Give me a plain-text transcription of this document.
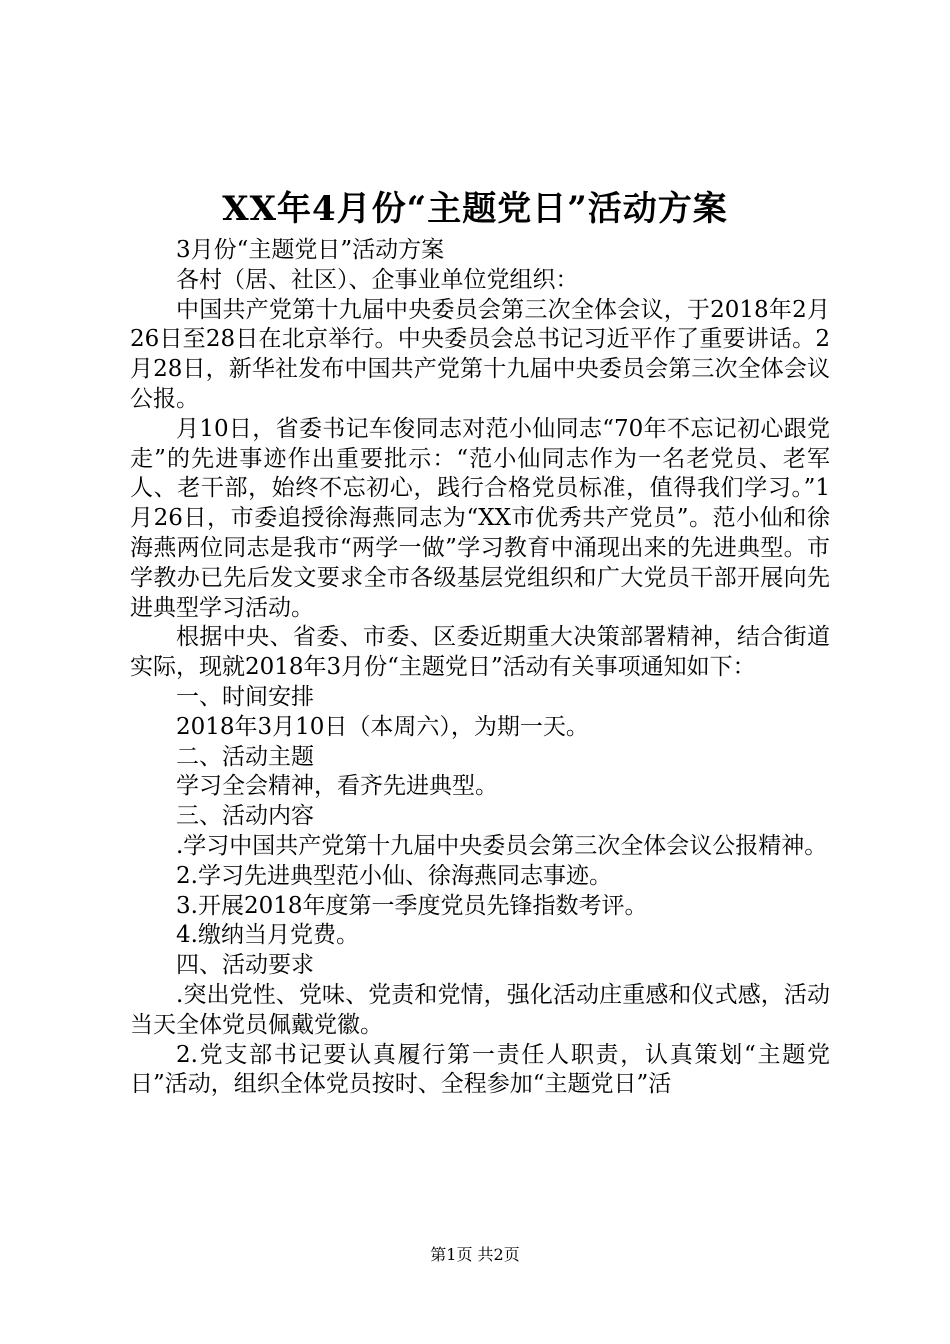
XX年4月份“主题党日”活动方案

3月份“主题党日”活动方案

各村（居、社区）、企事业单位党组织：

中国共产党第十九届中央委员会第三次全体会议，于2018年2月26日至28日在北京举行。中央委员会总书记习近平作了重要讲话。2月28日，新华社发布中国共产党第十九届中央委员会第三次全体会议公报。

月10日，省委书记车俊同志对范小仙同志“70年不忘记初心跟党走”的先进事迹作出重要批示：“范小仙同志作为一名老党员、老军人、老干部，始终不忘初心，践行合格党员标准，值得我们学习。”1月26日，市委追授徐海燕同志为“XX市优秀共产党员”。范小仙和徐海燕两位同志是我市“两学一做”学习教育中涌现出来的先进典型。市学教办已先后发文要求全市各级基层党组织和广大党员干部开展向先进典型学习活动。

根据中央、省委、市委、区委近期重大决策部署精神，结合街道实际，现就2018年3月份“主题党日”活动有关事项通知如下：

一、时间安排

2018年3月10日（本周六），为期一天。

二、活动主题

学习全会精神，看齐先进典型。

三、活动内容

.学习中国共产党第十九届中央委员会第三次全体会议公报精神。

2.学习先进典型范小仙、徐海燕同志事迹。

3.开展2018年度第一季度党员先锋指数考评。

4.缴纳当月党费。

四、活动要求

.突出党性、党味、党责和党情，强化活动庄重感和仪式感，活动当天全体党员佩戴党徽。

2.党支部书记要认真履行第一责任人职责，认真策划“主题党日”活动，组织全体党员按时、全程参加“主题党日”活

第1页 共2页
